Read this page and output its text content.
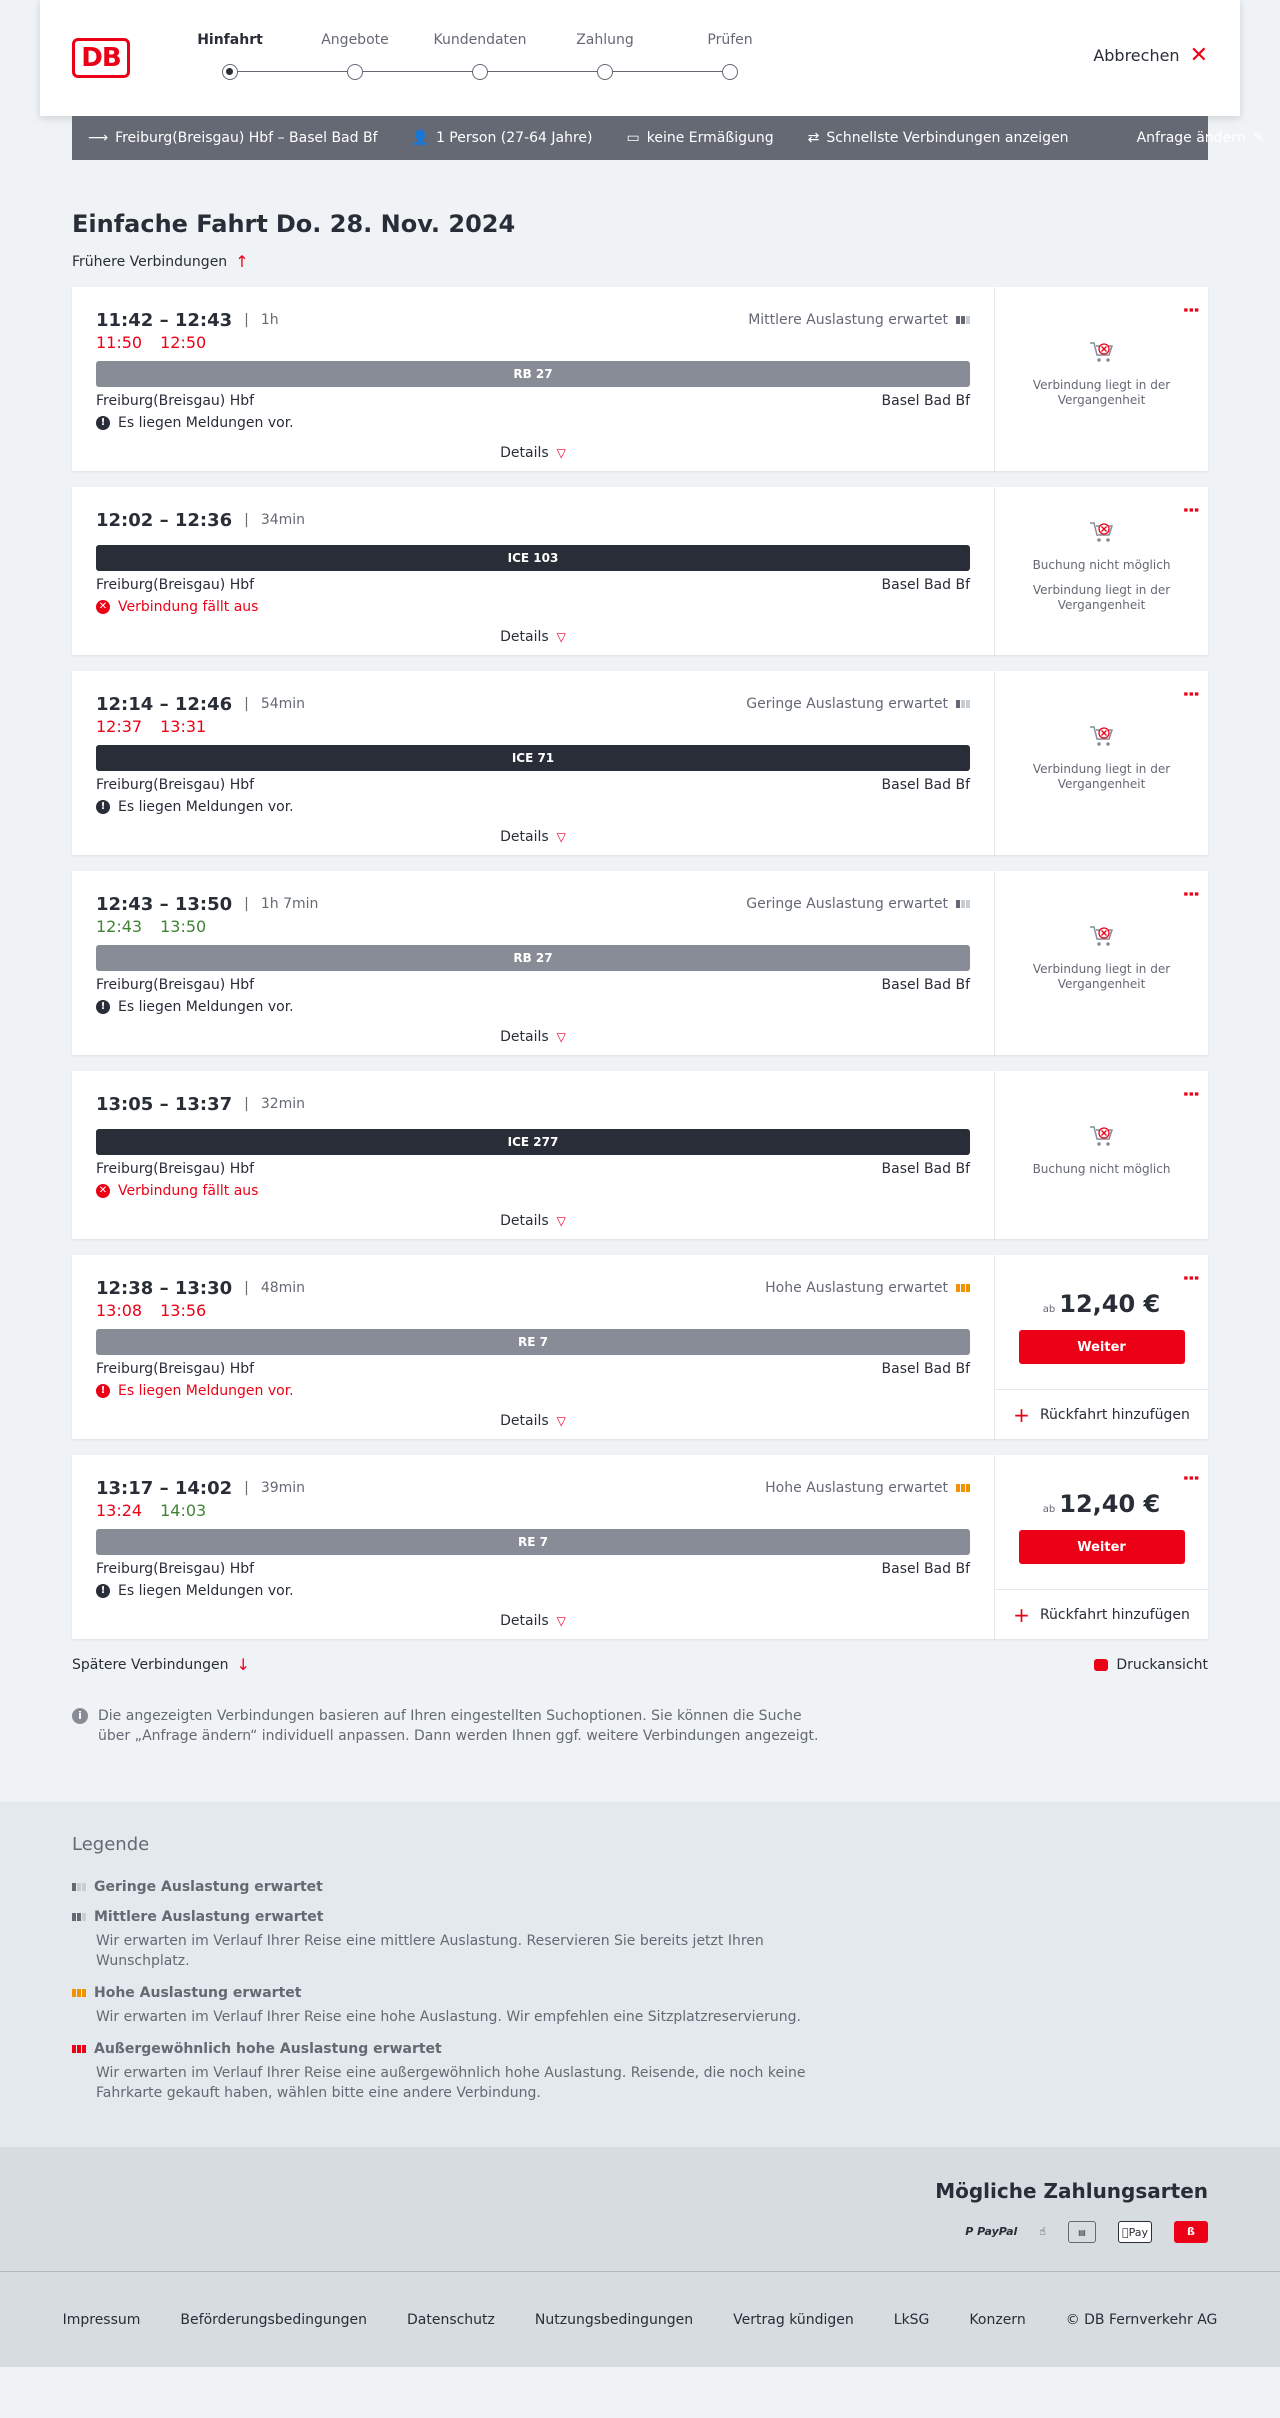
DB
Hinfahrt	Angebote	Kundendaten	Zahlung	Prüfen
Abbrechen ✕
⟶ Freiburg(Breisgau) Hbf – Basel Bad Bf 👤 1 Person (27-64 Jahre) ▭ keine Ermäßigung ⇄ Schnellste Verbindungen anzeigen	Anfrage ändern ✎
Einfache Fahrt Do. 28. Nov. 2024
Frühere Verbindungen ↑
11:42 – 12:43 | 1h	Mittlere Auslastung erwartet
11:50 12:50
RB 27
Freiburg(Breisgau) Hbf	Basel Bad Bf
! Es liegen Meldungen vor.
Details ▽
⋮

Verbindung liegt in der Vergangenheit

12:02 – 12:36 | 34min
ICE 103
Freiburg(Breisgau) Hbf	Basel Bad Bf
✕ Verbindung fällt aus
Details ▽
⋮

Buchung nicht möglich

Verbindung liegt in der Vergangenheit

12:14 – 12:46 | 54min	Geringe Auslastung erwartet
12:37 13:31
ICE 71
Freiburg(Breisgau) Hbf	Basel Bad Bf
! Es liegen Meldungen vor.
Details ▽
⋮

Verbindung liegt in der Vergangenheit

12:43 – 13:50 | 1h 7min	Geringe Auslastung erwartet
12:43 13:50
RB 27
Freiburg(Breisgau) Hbf	Basel Bad Bf
! Es liegen Meldungen vor.
Details ▽
⋮

Verbindung liegt in der Vergangenheit

13:05 – 13:37 | 32min
ICE 277
Freiburg(Breisgau) Hbf	Basel Bad Bf
✕ Verbindung fällt aus
Details ▽
⋮

Buchung nicht möglich

12:38 – 13:30 | 48min	Hohe Auslastung erwartet
13:08 13:56
RE 7
Freiburg(Breisgau) Hbf	Basel Bad Bf
! Es liegen Meldungen vor.
Details ▽
⋮
ab 12,40 €
Weiter
+ Rückfahrt hinzufügen
13:17 – 14:02 | 39min	Hohe Auslastung erwartet
13:24 14:03
RE 7
Freiburg(Breisgau) Hbf	Basel Bad Bf
! Es liegen Meldungen vor.
Details ▽
⋮
ab 12,40 €
Weiter
+ Rückfahrt hinzufügen
Spätere Verbindungen ↓	Druckansicht
i	Die angezeigten Verbindungen basieren auf Ihren eingestellten Suchoptionen. Sie können die Suche über „Anfrage ändern“ individuell anpassen. Dann werden Ihnen ggf. weitere Verbindungen angezeigt.
Legende
Geringe Auslastung erwartet
Mittlere Auslastung erwartet
Wir erwarten im Verlauf Ihrer Reise eine mittlere Auslastung. Reservieren Sie bereits jetzt Ihren Wunschplatz.
Hohe Auslastung erwartet
Wir erwarten im Verlauf Ihrer Reise eine hohe Auslastung. Wir empfehlen eine Sitzplatzreservierung.
Außergewöhnlich hohe Auslastung erwartet
Wir erwarten im Verlauf Ihrer Reise eine außergewöhnlich hohe Auslastung. Reisende, die noch keine Fahrkarte gekauft haben, wählen bitte eine andere Verbindung.
Mögliche Zahlungsarten
P PayPal ☝	▤	Pay	ß
Impressum	Beförderungsbedingungen	Datenschutz	Nutzungsbedingungen	Vertrag kündigen	LkSG	Konzern	© DB Fernverkehr AG
